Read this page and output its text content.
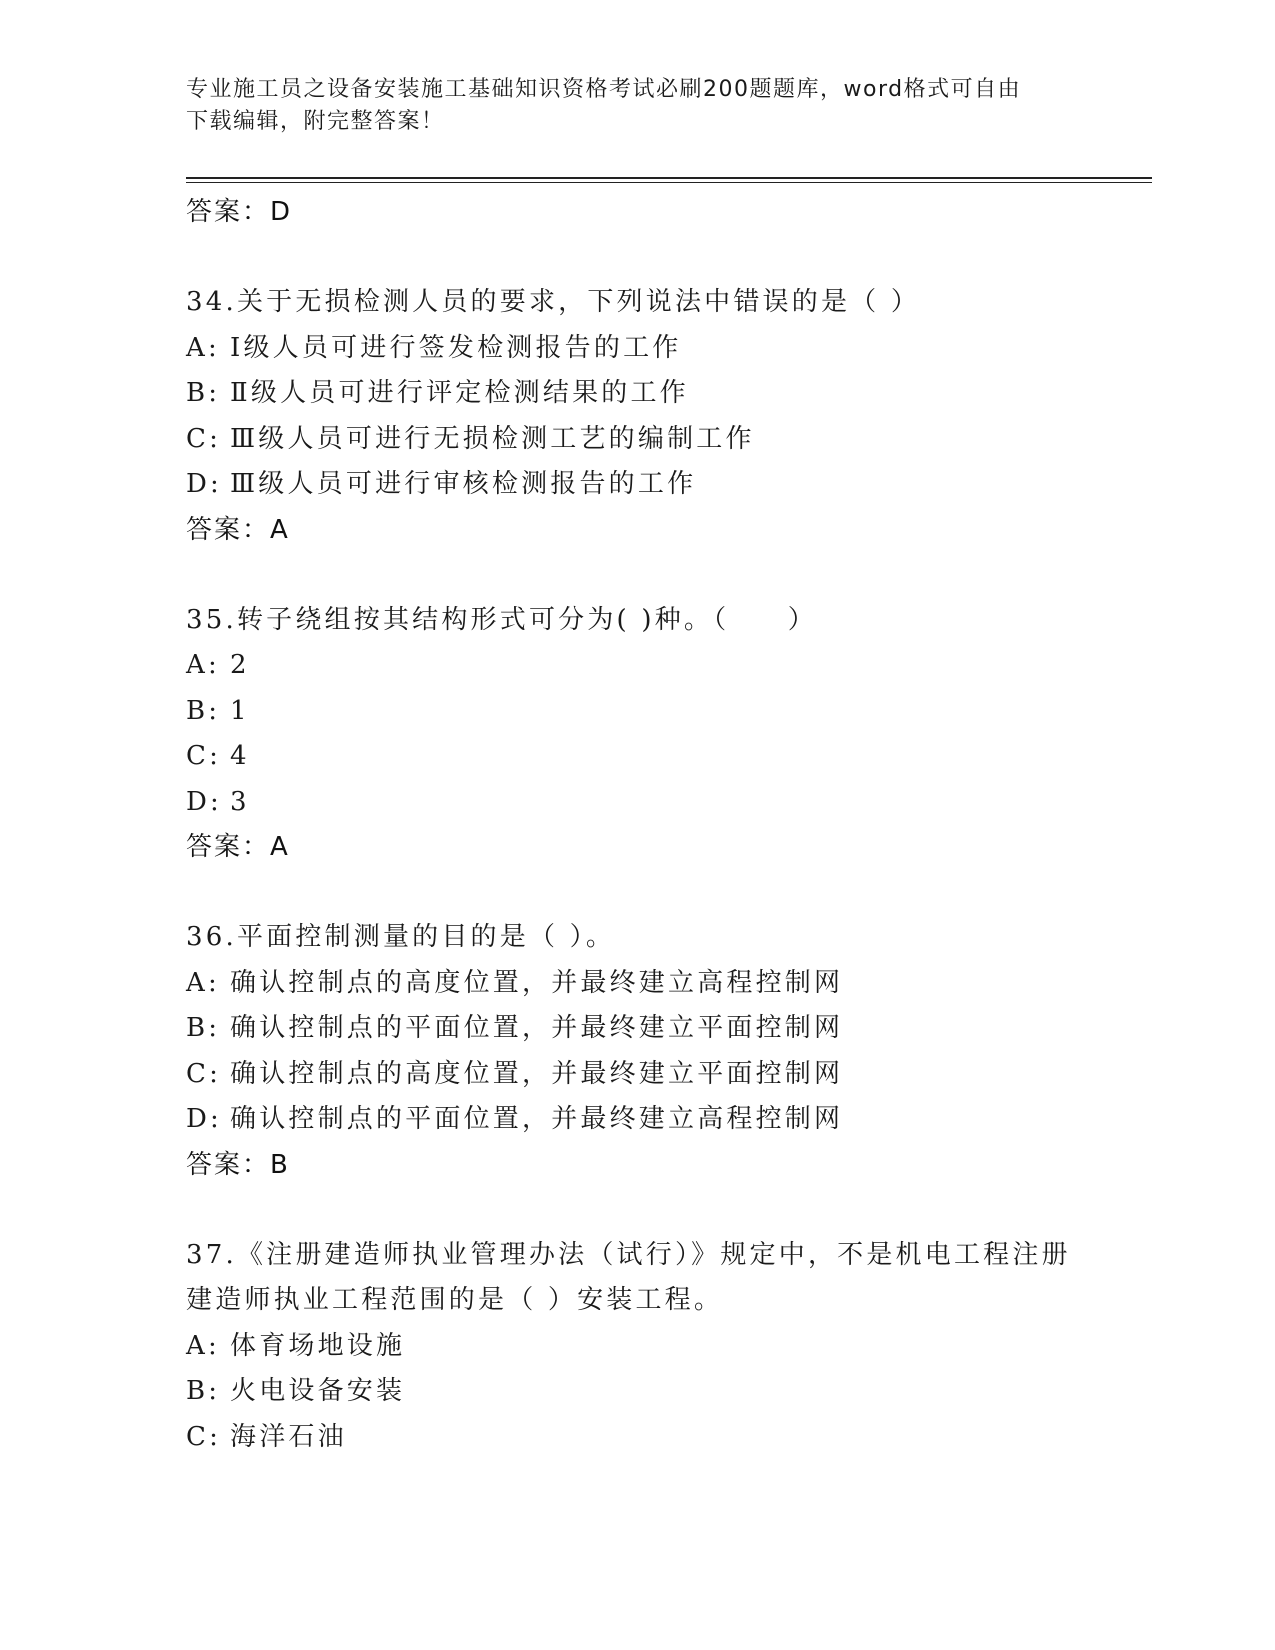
专业施工员之设备安装施工基础知识资格考试必刷200题题库，word格式可自由
下载编辑，附完整答案！
答案：D
34.关于无损检测人员的要求，下列说法中错误的是（ ）
A: Ⅰ级人员可进行签发检测报告的工作
B: Ⅱ级人员可进行评定检测结果的工作
C: Ⅲ级人员可进行无损检测工艺的编制工作
D: Ⅲ级人员可进行审核检测报告的工作
答案：A
35.转子绕组按其结构形式可分为( )种。（　　）
A: 2
B: 1
C: 4
D: 3
答案：A
36.平面控制测量的目的是（ ）。
A: 确认控制点的高度位置，并最终建立高程控制网
B: 确认控制点的平面位置，并最终建立平面控制网
C: 确认控制点的高度位置，并最终建立平面控制网
D: 确认控制点的平面位置，并最终建立高程控制网
答案：B
37.《注册建造师执业管理办法（试行）》规定中，不是机电工程注册
建造师执业工程范围的是（ ）安装工程。
A: 体育场地设施
B: 火电设备安装
C: 海洋石油
